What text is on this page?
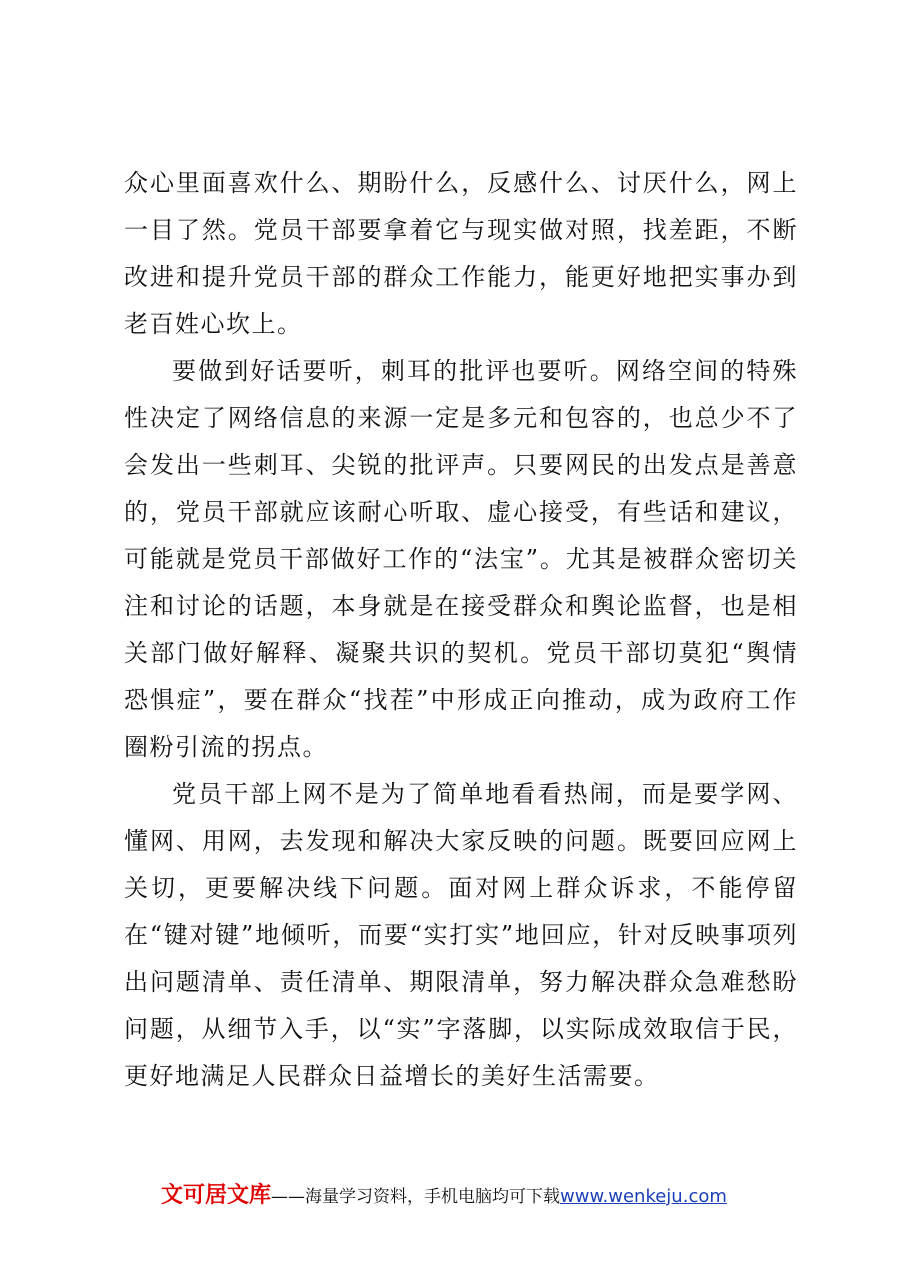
众心里面喜欢什么、期盼什么，反感什么、讨厌什么，网上一目了然。党员干部要拿着它与现实做对照，找差距，不断改进和提升党员干部的群众工作能力，能更好地把实事办到老百姓心坎上。

要做到好话要听，刺耳的批评也要听。网络空间的特殊性决定了网络信息的来源一定是多元和包容的，也总少不了会发出一些刺耳、尖锐的批评声。只要网民的出发点是善意的，党员干部就应该耐心听取、虚心接受，有些话和建议，可能就是党员干部做好工作的“法宝”。尤其是被群众密切关注和讨论的话题，本身就是在接受群众和舆论监督，也是相关部门做好解释、凝聚共识的契机。党员干部切莫犯“舆情恐惧症”，要在群众“找茬”中形成正向推动，成为政府工作圈粉引流的拐点。

党员干部上网不是为了简单地看看热闹，而是要学网、懂网、用网，去发现和解决大家反映的问题。既要回应网上关切，更要解决线下问题。面对网上群众诉求，不能停留在“键对键”地倾听，而要“实打实”地回应，针对反映事项列出问题清单、责任清单、期限清单，努力解决群众急难愁盼问题，从细节入手，以“实”字落脚，以实际成效取信于民，更好地满足人民群众日益增长的美好生活需要。

文可居文库——海量学习资料，手机电脑均可下载www.wenkeju.com
